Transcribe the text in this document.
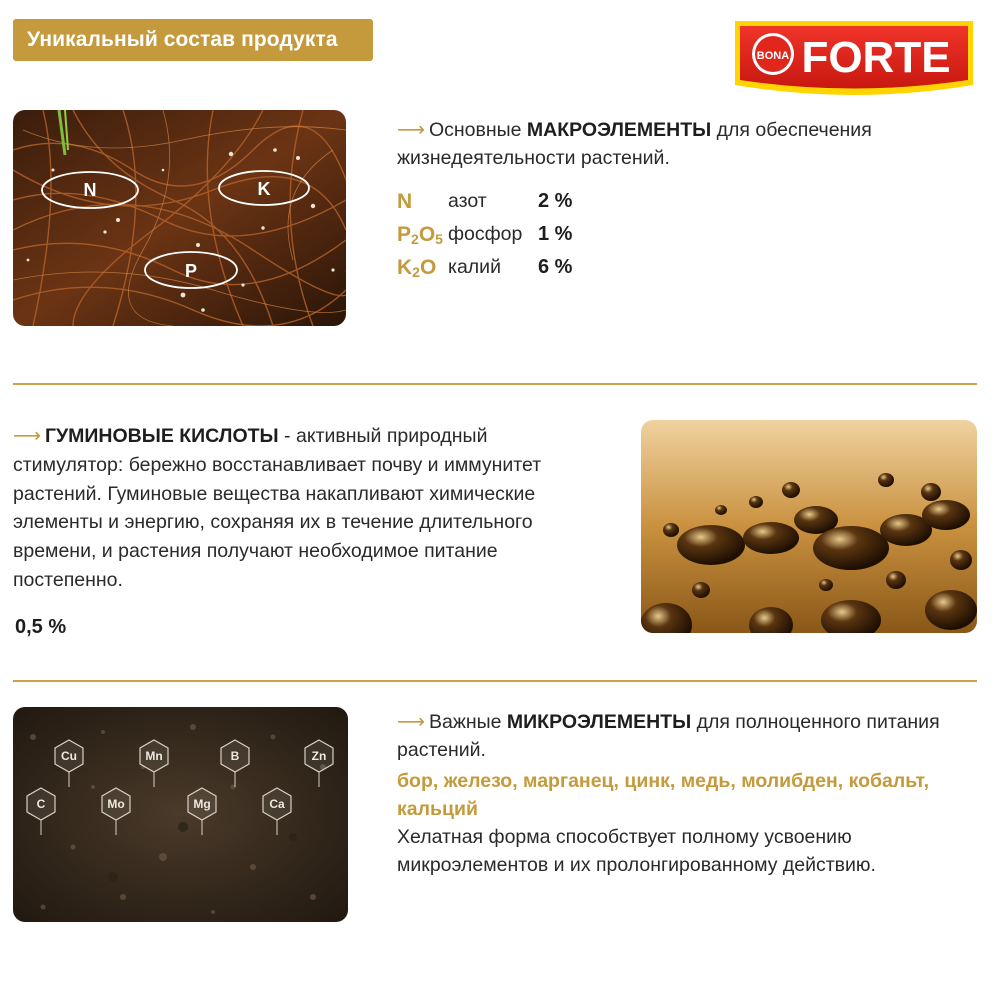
Уникальный состав продукта
BONA FORTE
N	K
P
⟶ Основные МАКРОЭЛЕМЕНТЫ для обеспечения жизнедеятельности растений.
N азот	2 %
$P_2O_5$ фосфор 1 %
$K_2O$ калий 6 %
⟶ ГУМИНОВЫЕ КИСЛОТЫ - активный природный стимулятор: бережно восстанавливает почву и иммунитет растений. Гуминовые вещества накапливают химические элементы и энергию, сохраняя их в течение длительного времени, и растения получают необходимое питание постепенно.
0,5 %
Cu	Mn	B	Zn
C	Mo	Mg	Ca
⟶ Важные МИКРОЭЛЕМЕНТЫ для полноценного питания растений.
бор, железо, марганец, цинк, медь, молибден, кобальт, кальций
Хелатная форма способствует полному усвоению микроэлементов и их пролонгированному действию.
